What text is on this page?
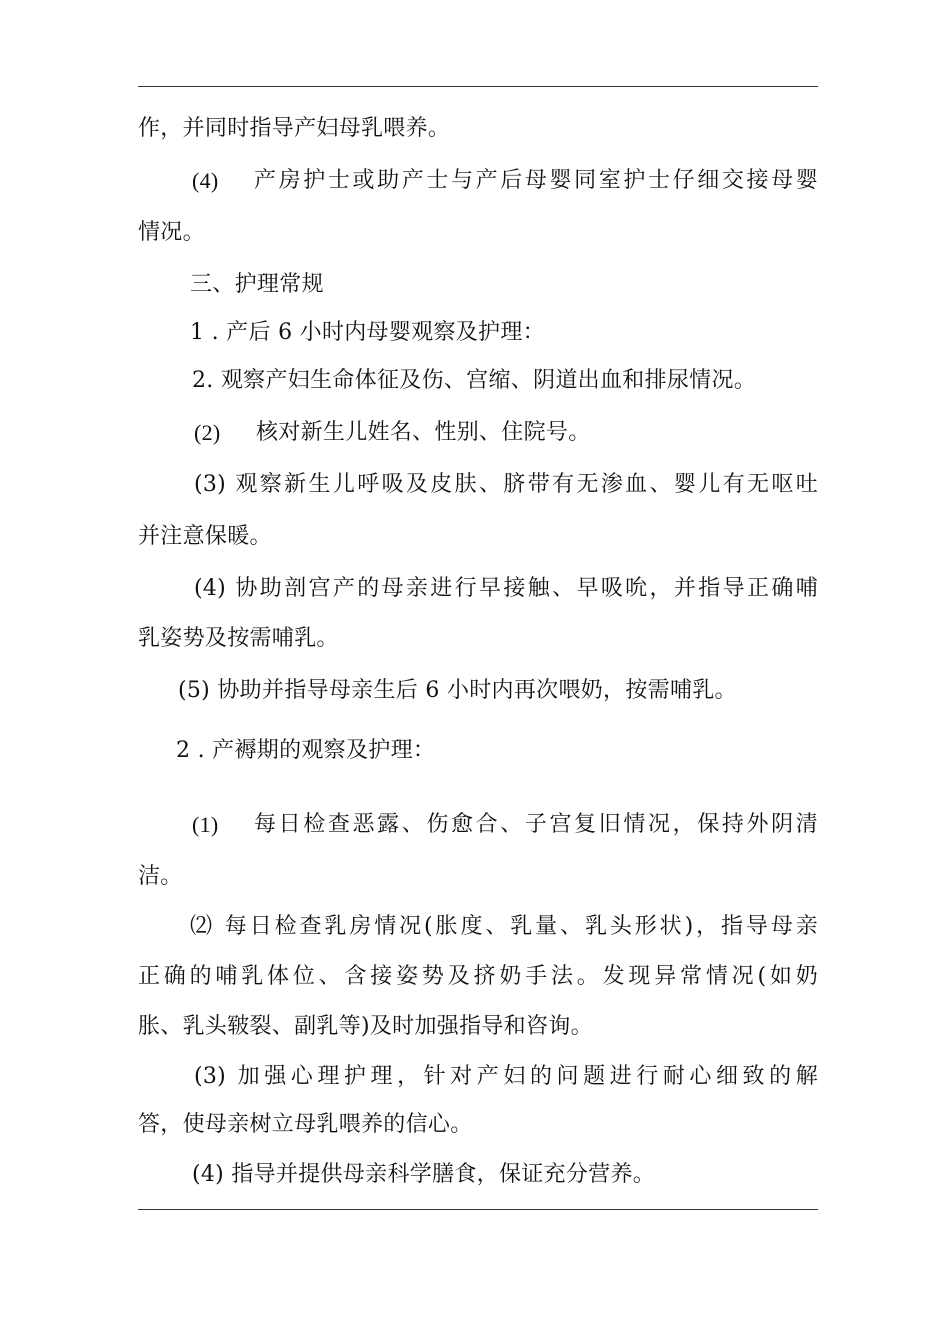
作，并同时指导产妇母乳喂养。
(4) 产房护士或助产士与产后母婴同室护士仔细交接母婴
情况。
三、护理常规
1 . 产后 6 小时内母婴观察及护理：
2. 观察产妇生命体征及伤、宫缩、阴道出血和排尿情况。
(2) 核对新生儿姓名、性别、住院号。
(3) 观察新生儿呼吸及皮肤、脐带有无渗血、婴儿有无呕吐
并注意保暖。
(4) 协助剖宫产的母亲进行早接触、早吸吮，并指导正确哺
乳姿势及按需哺乳。
(5) 协助并指导母亲生后 6 小时内再次喂奶，按需哺乳。
2 . 产褥期的观察及护理：
(1) 每日检查恶露、伤愈合、子宫复旧情况，保持外阴清
洁。
⑵ 每日检查乳房情况(胀度、乳量、乳头形状)，指导母亲
正确的哺乳体位、含接姿势及挤奶手法。发现异常情况(如奶
胀、乳头皲裂、副乳等)及时加强指导和咨询。
(3) 加强心理护理，针对产妇的问题进行耐心细致的解
答，使母亲树立母乳喂养的信心。
(4) 指导并提供母亲科学膳食，保证充分营养。
